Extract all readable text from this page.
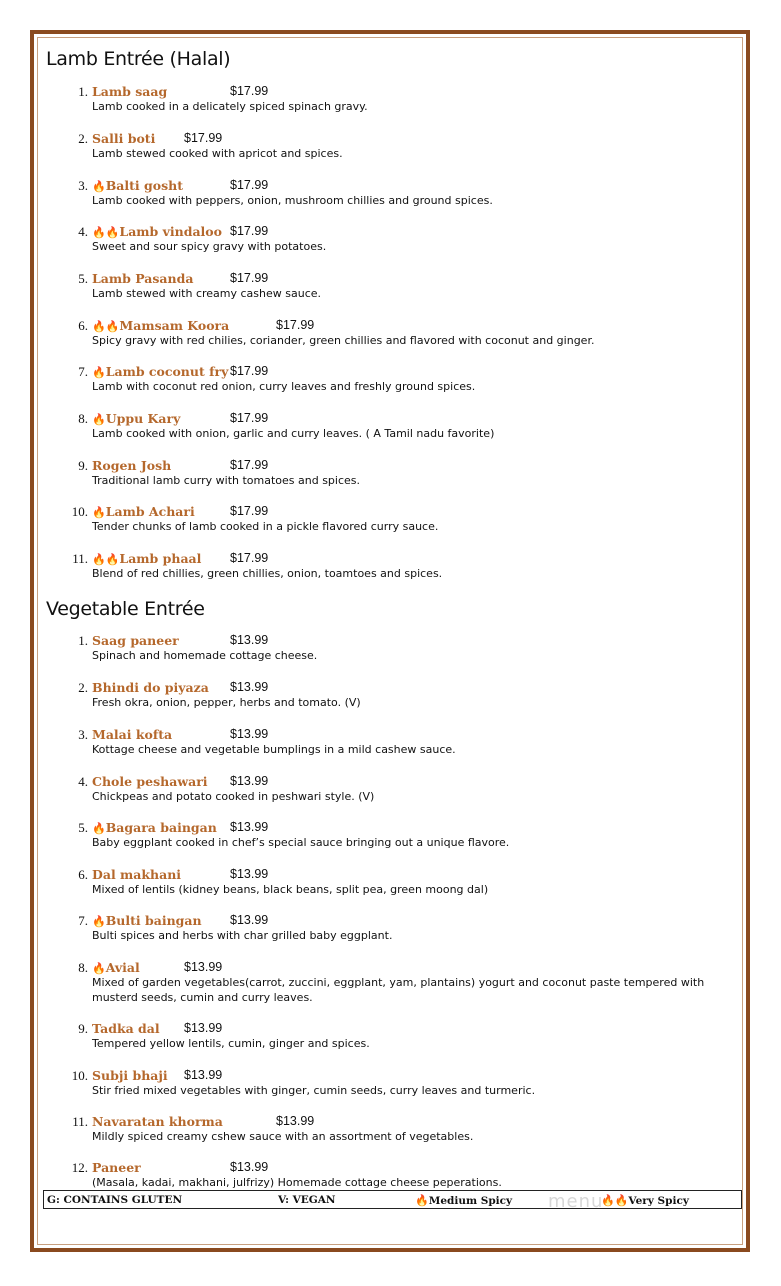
Lamb Entrée (Halal)
1. Lamb saag	$17.99
Lamb cooked in a delicately spiced spinach gravy.
2. Salli boti $17.99
Lamb stewed cooked with apricot and spices.
3. 🔥Balti gosht	$17.99
Lamb cooked with peppers, onion, mushroom chillies and ground spices.
4. 🔥🔥Lamb vindaloo $17.99
Sweet and sour spicy gravy with potatoes.
5. Lamb Pasanda	$17.99
Lamb stewed with creamy cashew sauce.
6. 🔥🔥Mamsam Koora	$17.99
Spicy gravy with red chilies, coriander, green chillies and flavored with coconut and ginger.
7. 🔥Lamb coconut fry $17.99
Lamb with coconut red onion, curry leaves and freshly ground spices.
8. 🔥Uppu Kary	$17.99
Lamb cooked with onion, garlic and curry leaves. ( A Tamil nadu favorite)
9. Rogen Josh	$17.99
Traditional lamb curry with tomatoes and spices.
10. 🔥Lamb Achari	$17.99
Tender chunks of lamb cooked in a pickle flavored curry sauce.
11. 🔥🔥Lamb phaal $17.99
Blend of red chillies, green chillies, onion, toamtoes and spices.
Vegetable Entrée
1. Saag paneer	$13.99
Spinach and homemade cottage cheese.
2. Bhindi do piyaza $13.99
Fresh okra, onion, pepper, herbs and tomato. (V)
3. Malai kofta	$13.99
Kottage cheese and vegetable bumplings in a mild cashew sauce.
4. Chole peshawari $13.99
Chickpeas and potato cooked in peshwari style. (V)
5. 🔥Bagara baingan $13.99
Baby eggplant cooked in chef’s special sauce bringing out a unique flavore.
6. Dal makhani	$13.99
Mixed of lentils (kidney beans, black beans, split pea, green moong dal)
7. 🔥Bulti baingan $13.99
Bulti spices and herbs with char grilled baby eggplant.
8. 🔥Avial	$13.99
Mixed of garden vegetables(carrot, zuccini, eggplant, yam, plantains) yogurt and coconut paste tempered with musterd seeds, cumin and curry leaves.
9. Tadka dal $13.99
Tempered yellow lentils, cumin, ginger and spices.
10. Subji bhaji $13.99
Stir fried mixed vegetables with ginger, cumin seeds, curry leaves and turmeric.
11. Navaratan khorma	$13.99
Mildly spiced creamy cshew sauce with an assortment of vegetables.
12. Paneer	$13.99
(Masala, kadai, makhani, julfrizy) Homemade cottage cheese peperations.
G: CONTAINS GLUTEN	V: VEGAN	🔥Medium Spicy	🔥🔥Very Spicy
menu
